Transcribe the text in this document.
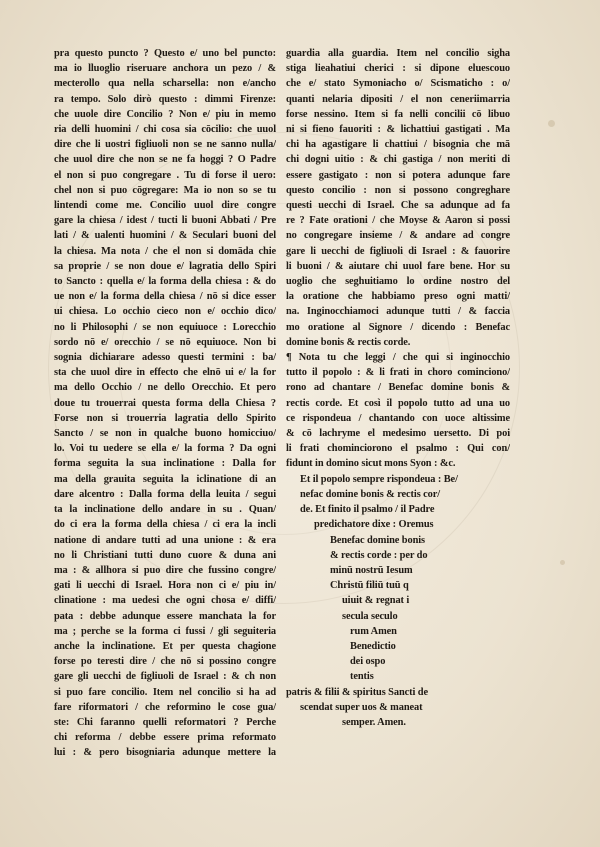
pra questo puncto ? Questo e/ uno bel puncto:
ma io lluoglio riseruare anchora un pezo / &
mecterollo qua nella scharsella: non e/ancho
ra tempo. Solo dirò questo : dimmi Firenze:
che uuole dire Concilio ? Non e/ piu in memo
ria delli huomini / chi cosa sia cōcilio: che uuol
dire che li uostri figliuoli non se ne sanno nulla/
che uuol dire che non se ne fa hoggi ? O Padre
el non si puo congregare . Tu di forse il uero:
chel non si puo cōgregare: Ma io non so se tu
lintendi come me. Concilio uuol dire congre
gare la chiesa / idest / tucti li buoni Abbati / Pre
lati / & ualenti huomini / & Seculari buoni del
la chiesa. Ma nota / che el non si domāda chie
sa proprie / se non doue e/ lagratia dello Spiri
to Sancto : quella e/ la forma della chiesa : & do
ue non e/ la forma della chiesa / nō si dice esser
ui chiesa. Lo occhio cieco non e/ occhio dico/
no li Philosophi / se non equiuoce : Lorecchio
sordo nō e/ orecchio / se nō equiuoce. Non bi
sognia dichiarare adesso questi termini : ba/
sta che uuol dire in effecto che elnō ui e/ la for
ma dello Occhio / ne dello Orecchio. Et pero
doue tu trouerrai questa forma della Chiesa ?
Forse non si trouerria lagratia dello Spirito
Sancto / se non in qualche buono homicciuo/
lo. Voi tu uedere se ella e/ la forma ? Da ogni
forma seguita la sua inclinatione : Dalla for
ma della grauita seguita la iclinatione di an
dare alcentro : Dalla forma della leuita / segui
ta la inclinatione dello andare in su . Quan/
do ci era la forma della chiesa / ci era la incli
natione di andare tutti ad una unione : & era
no li Christiani tutti duno cuore & duna ani
ma : & allhora si puo dire che fussino congre/
gati li uecchi di Israel. Hora non ci e/ piu in/
clinatione : ma uedesi che ogni chosa e/ diffi/
pata : debbe adunque essere manchata la for
ma ; perche se la forma ci fussi / gli seguiteria
anche la inclinatione. Et per questa chagione
forse po teresti dire / che nō si possino congre
gare gli uecchi de figliuoli de Israel : & ch non
si puo fare concilio. Item nel concilio si ha ad
fare riformatori / che reformino le cose gua/
ste: Chi faranno quelli reformatori ? Perche
chi reforma / debbe essere prima reformato
lui : & pero bisogniaria adunque mettere la
guardia alla guardia. Item nel concilio sigha
stiga lieahatiui cherici : si dipone eluescouo
che e/ stato Symoniacho o/ Scismaticho : o/
quanti nelaria dipositi / el non ceneriimarria
forse nessino. Item si fa nelli concilii cō libuo
ni si fieno fauoriti : & lichattiui gastigati . Ma
chi ha agastigare li chattiui / bisognia che mā
chi dogni uitio : & chi gastiga / non meriti di
essere gastigato : non si potera adunque fare
questo concilio : non si possono congreghare
questi uecchi di Israel. Che sa adunque ad fa
re ? Fate orationi / che Moyse & Aaron si possi
no congregare insieme / & andare ad congre
gare li uecchi de figliuoli di Israel : & fauorire
li buoni / & aiutare chi uuol fare bene. Hor su
uoglio che seghuitiamo lo ordine nostro del
la oratione che habbiamo preso ogni matti/
na. Inginocchiamoci adunque tutti / & faccia
mo oratione al Signore / dicendo : Benefac
domine bonis & rectis corde.
¶ Nota tu che leggi / che qui si inginocchio
tutto il popolo : & li frati in choro cominciono/
rono ad chantare / Benefac domine bonis &
rectis corde. Et così il popolo tutto ad una uo
ce rispondeua / chantando con uoce altissime
& cō lachryme el medesimo uersetto. Di poi
li frati chominciorono el psalmo : Qui con/
fidunt in domino sicut mons Syon : &c.
Et il popolo sempre rispondeua : Be/
nefac domine bonis & rectis cor/
de. Et finito il psalmo / il Padre
predichatore dixe : Oremus
Benefac domine bonis
& rectis corde : per do
minū nostrū Iesum
Christū filiū tuū q
uiuit & regnat i
secula seculo
rum Amen
Benedictio
dei ospo
tentis
patris & filii & spiritus Sancti de
scendat super uos & maneat
semper. Amen.
